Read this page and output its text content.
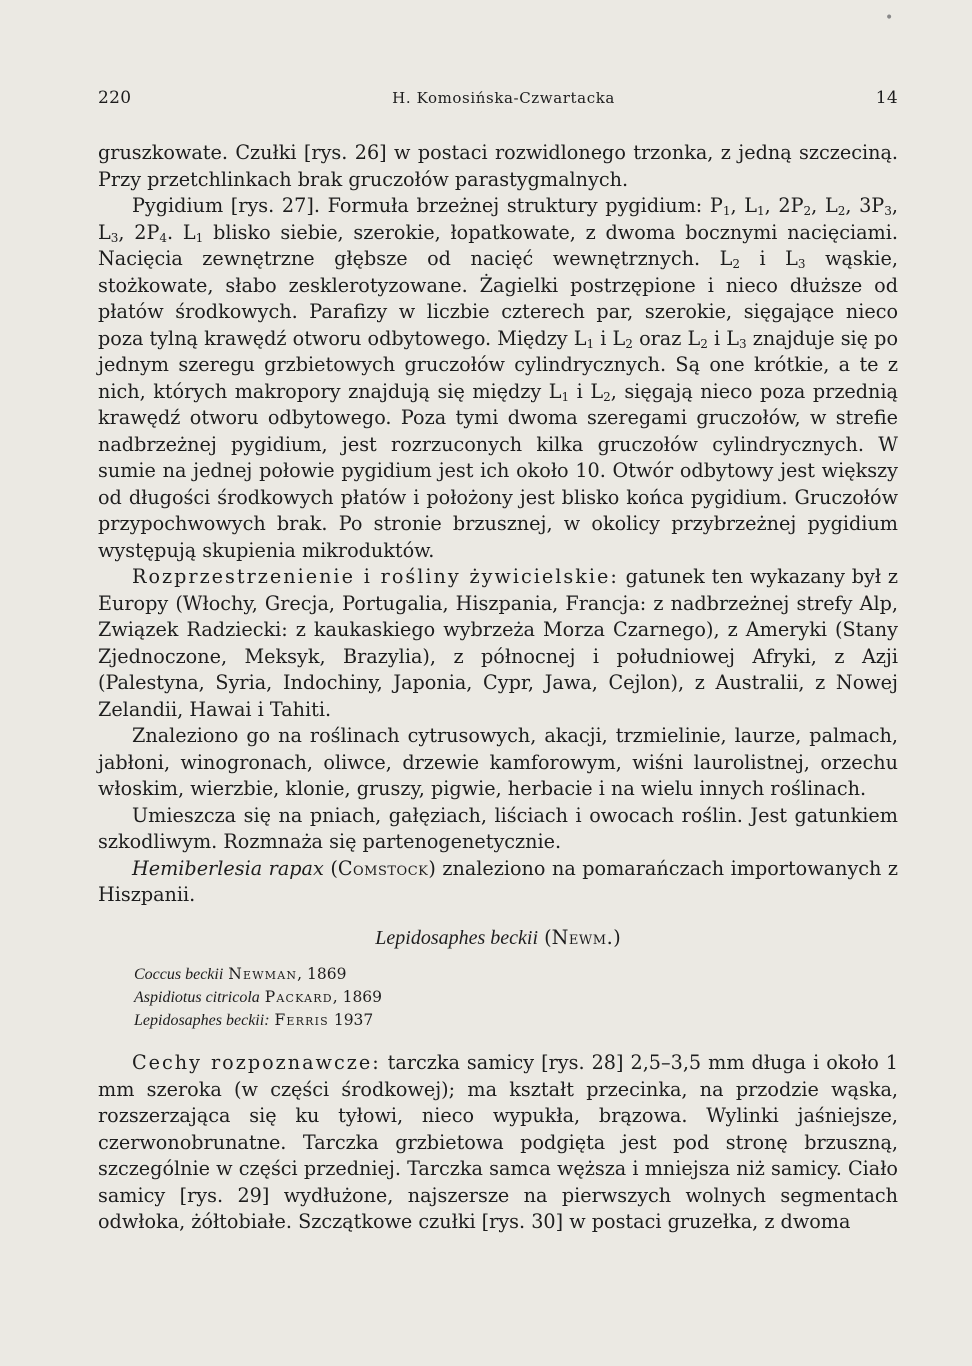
220	H. Komosińska-Czwartacka	14

gruszkowate. Czułki [rys. 26] w postaci rozwidlonego trzonka, z jedną szczeciną. Przy przetchlinkach brak gruczołów parastygmalnych.

Pygidium [rys. 27]. Formuła brzeżnej struktury pygidium: $P_1$, $L_1$, $2P_2$, $L_2$, $3P_3$, $L_3$, $2P_4$. $L_1$ blisko siebie, szerokie, łopatkowate, z dwoma bocznymi nacięciami. Nacięcia zewnętrzne głębsze od nacięć wewnętrznych. $L_2$ i $L_3$ wąskie, stożkowate, słabo zesklerotyzowane. Żagielki postrzępione i nieco dłuższe od płatów środkowych. Parafizy w liczbie czterech par, szerokie, sięgające nieco poza tylną krawędź otworu odbytowego. Między $L_1$ i $L_2$ oraz $L_2$ i $L_3$ znajduje się po jednym szeregu grzbietowych gruczołów cylindrycznych. Są one krótkie, a te z nich, których makropory znajdują się między $L_1$ i $L_2$, sięgają nieco poza przednią krawędź otworu odbytowego. Poza tymi dwoma szeregami gruczołów, w strefie nadbrzeżnej pygidium, jest rozrzuconych kilka gruczołów cylindrycznych. W sumie na jednej połowie pygidium jest ich około 10. Otwór odbytowy jest większy od długości środkowych płatów i położony jest blisko końca pygidium. Gruczołów przypochwowych brak. Po stronie brzusznej, w okolicy przybrzeżnej pygidium występują skupienia mikroduktów.

Rozprzestrzenienie i rośliny żywicielskie: gatunek ten wykazany był z Europy (Włochy, Grecja, Portugalia, Hiszpania, Francja: z nadbrzeżnej strefy Alp, Związek Radziecki: z kaukaskiego wybrzeża Morza Czarnego), z Ameryki (Stany Zjednoczone, Meksyk, Brazylia), z północnej i południowej Afryki, z Azji (Palestyna, Syria, Indochiny, Japonia, Cypr, Jawa, Cejlon), z Australii, z Nowej Zelandii, Hawai i Tahiti.

Znaleziono go na roślinach cytrusowych, akacji, trzmielinie, laurze, palmach, jabłoni, winogronach, oliwce, drzewie kamforowym, wiśni laurolistnej, orzechu włoskim, wierzbie, klonie, gruszy, pigwie, herbacie i na wielu innych roślinach.

Umieszcza się na pniach, gałęziach, liściach i owocach roślin. Jest gatunkiem szkodliwym. Rozmnaża się partenogenetycznie.

Hemiberlesia rapax (Comstock) znaleziono na pomarańczach importowanych z Hiszpanii.

Lepidosaphes beckii (Newm.)
Coccus beckii Newman, 1869
Aspidiotus citricola Packard, 1869
Lepidosaphes beckii: Ferris 1937

Cechy rozpoznawcze: tarczka samicy [rys. 28] 2,5–3,5 mm długa i około 1 mm szeroka (w części środkowej); ma kształt przecinka, na przodzie wąska, rozszerzająca się ku tyłowi, nieco wypukła, brązowa. Wylinki jaśniejsze, czerwonobrunatne. Tarczka grzbietowa podgięta jest pod stronę brzuszną, szczególnie w części przedniej. Tarczka samca węższa i mniejsza niż samicy. Ciało samicy [rys. 29] wydłużone, najszersze na pierwszych wolnych segmentach odwłoka, żółtobiałe. Szczątkowe czułki [rys. 30] w postaci gruzełka, z dwoma

•
